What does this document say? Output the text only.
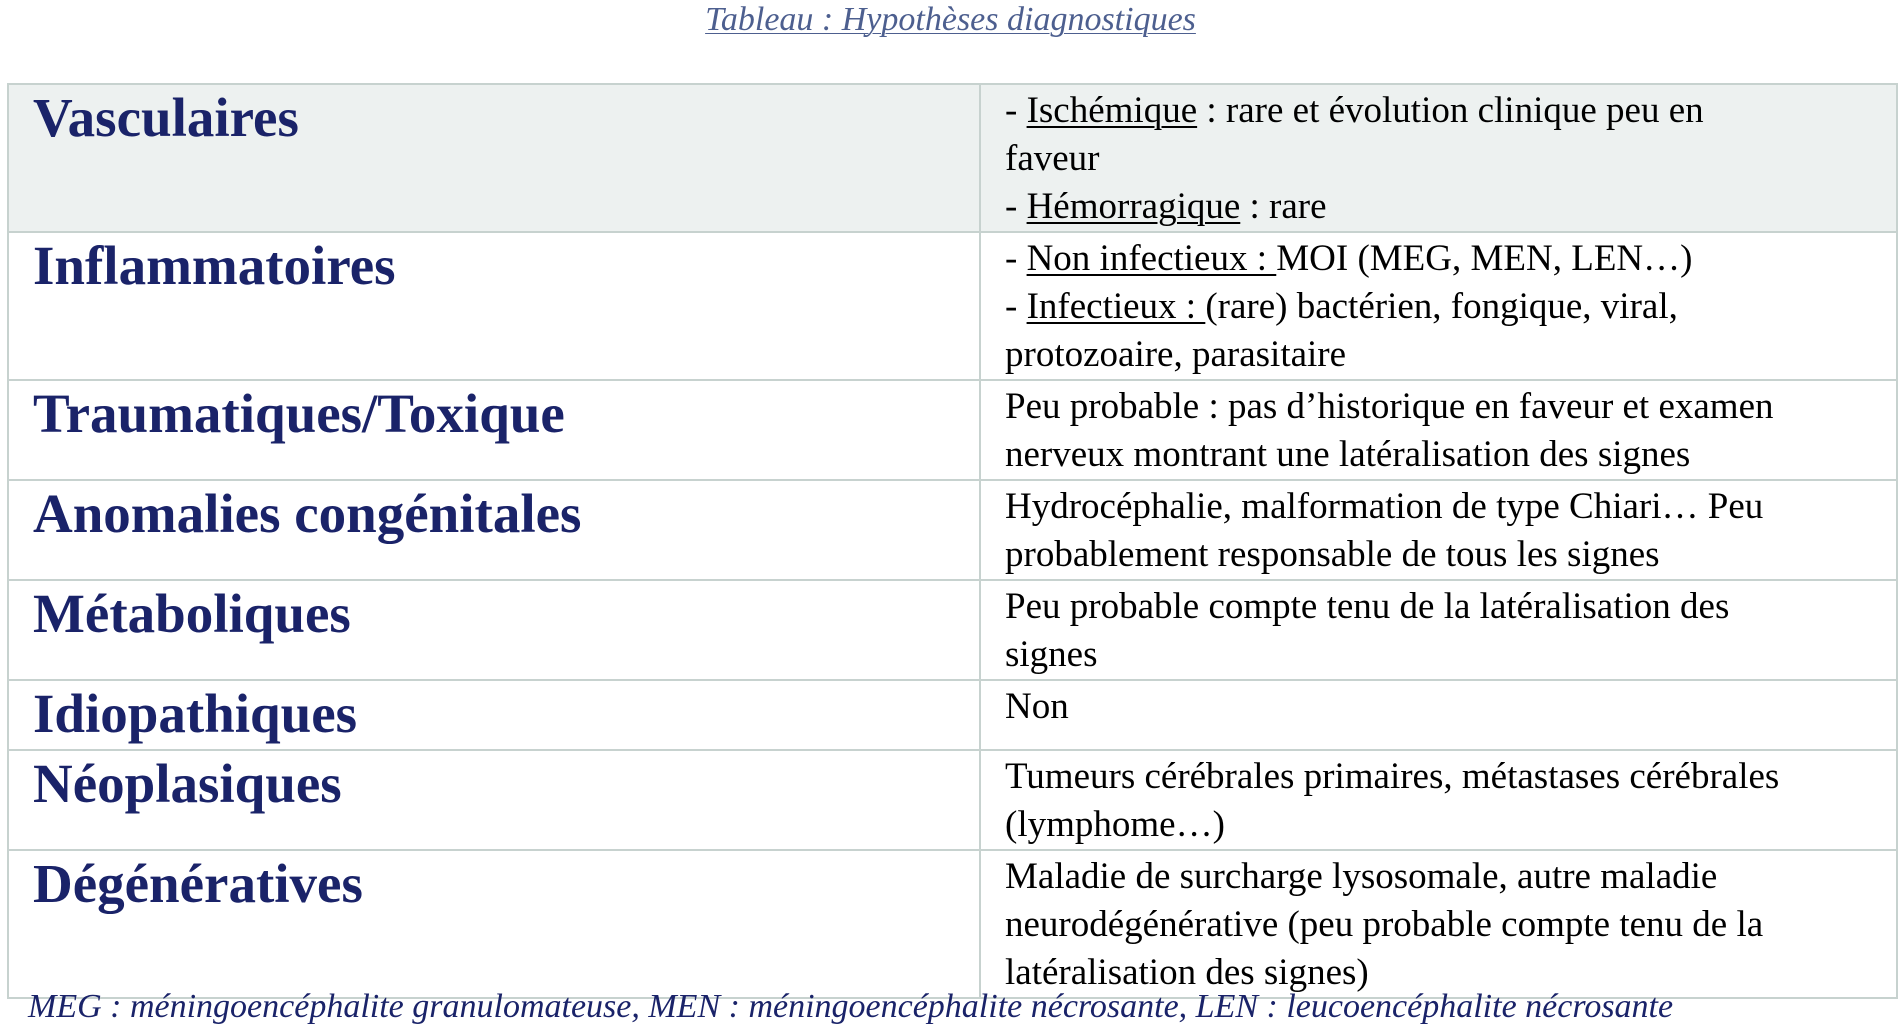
Tableau : Hypothèses diagnostiques
Vasculaires	- Ischémique : rare et évolution clinique peu en
faveur
- Hémorragique : rare

Inflammatoires	- Non infectieux : MOI (MEG, MEN, LEN…)
- Infectieux : (rare) bactérien, fongique, viral,
protozoaire, parasitaire

Traumatiques/Toxique	Peu probable : pas d’historique en faveur et examen
nerveux montrant une latéralisation des signes

Anomalies congénitales	Hydrocéphalie, malformation de type Chiari… Peu
probablement responsable de tous les signes

Métaboliques	Peu probable compte tenu de la latéralisation des
signes

Idiopathiques	Non

Néoplasiques	Tumeurs cérébrales primaires, métastases cérébrales
(lymphome…)

Dégénératives	Maladie de surcharge lysosomale, autre maladie
neurodégénérative (peu probable compte tenu de la
latéralisation des signes)
MEG : méningoencéphalite granulomateuse, MEN : méningoencéphalite nécrosante, LEN : leucoencéphalite nécrosante
